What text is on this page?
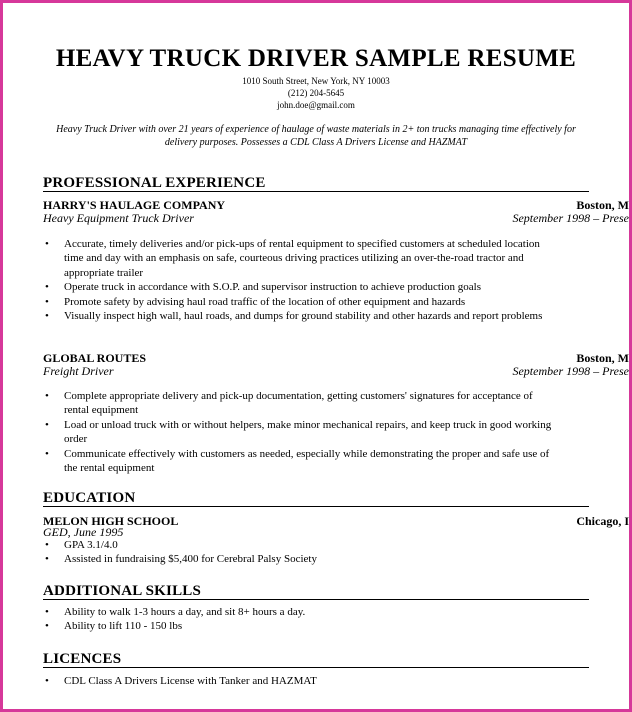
HEAVY TRUCK DRIVER SAMPLE RESUME
1010 South Street, New York, NY 10003
(212) 204-5645
john.doe@gmail.com
Heavy Truck Driver with over 21 years of experience of haulage of waste materials in 2+ ton trucks managing time effectively for delivery purposes. Possesses a CDL Class A Drivers License and HAZMAT
PROFESSIONAL EXPERIENCE
HARRY'S HAULAGE COMPANY	Boston, M
Heavy Equipment Truck Driver	September 1998 – Prese
• Accurate, timely deliveries and/or pick-ups of rental equipment to specified customers at scheduled location time and day with an emphasis on safe, courteous driving practices utilizing an over-the-road tractor and appropriate trailer
• Operate truck in accordance with S.O.P. and supervisor instruction to achieve production goals
• Promote safety by advising haul road traffic of the location of other equipment and hazards
• Visually inspect high wall, haul roads, and dumps for ground stability and other hazards and report problems
GLOBAL ROUTES	Boston, M
Freight Driver	September 1998 – Prese
• Complete appropriate delivery and pick-up documentation, getting customers' signatures for acceptance of rental equipment
• Load or unload truck with or without helpers, make minor mechanical repairs, and keep truck in good working order
• Communicate effectively with customers as needed, especially while demonstrating the proper and safe use of the rental equipment
EDUCATION
MELON HIGH SCHOOL	Chicago, I
GED, June 1995
• GPA 3.1/4.0
• Assisted in fundraising $5,400 for Cerebral Palsy Society
ADDITIONAL SKILLS
• Ability to walk 1-3 hours a day, and sit 8+ hours a day.
• Ability to lift 110 - 150 lbs
LICENCES
• CDL Class A Drivers License with Tanker and HAZMAT
